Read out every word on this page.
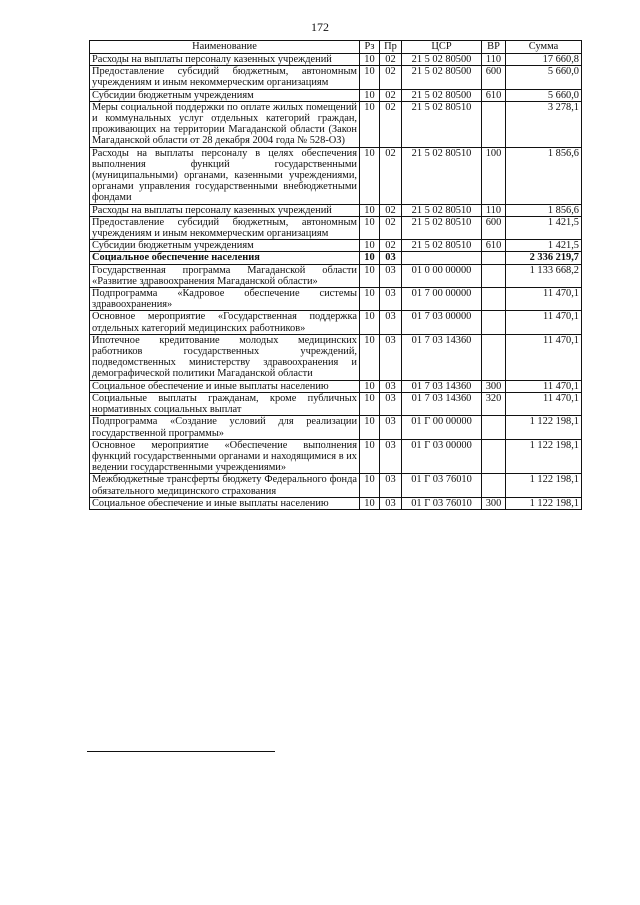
172
Наименование	Рз	Пр	ЦСР	ВР	Сумма
Расходы на выплаты персоналу казенных учреждений	10	02	21 5 02 80500	110	17 660,8
Предоставление субсидий бюджетным, автономным учреждениям и иным некоммерческим организациям	10	02	21 5 02 80500	600	5 660,0
Субсидии бюджетным учреждениям	10	02	21 5 02 80500	610	5 660,0
Меры социальной поддержки по оплате жилых помещений и коммунальных услуг отдельных категорий граждан, проживающих на территории Магаданской области (Закон Магаданской области от 28 декабря 2004 года № 528-ОЗ)	10	02	21 5 02 80510		3 278,1
Расходы на выплаты персоналу в целях обеспечения выполнения функций государственными (муниципальными) органами, казенными учреждениями, органами управления государственными внебюджетными фондами	10	02	21 5 02 80510	100	1 856,6
Расходы на выплаты персоналу казенных учреждений	10	02	21 5 02 80510	110	1 856,6
Предоставление субсидий бюджетным, автономным учреждениям и иным некоммерческим организациям	10	02	21 5 02 80510	600	1 421,5
Субсидии бюджетным учреждениям	10	02	21 5 02 80510	610	1 421,5
Социальное обеспечение населения	10	03			2 336 219,7
Государственная программа Магаданской области «Развитие здравоохранения Магаданской области»	10	03	01 0 00 00000		1 133 668,2
Подпрограмма «Кадровое обеспечение системы здравоохранения»	10	03	01 7 00 00000		11 470,1
Основное мероприятие «Государственная поддержка отдельных категорий медицинских работников»	10	03	01 7 03 00000		11 470,1
Ипотечное кредитование молодых медицинских работников государственных учреждений, подведомственных министерству здравоохранения и демографической политики Магаданской области	10	03	01 7 03 14360		11 470,1
Социальное обеспечение и иные выплаты населению	10	03	01 7 03 14360	300	11 470,1
Социальные выплаты гражданам, кроме публичных нормативных социальных выплат	10	03	01 7 03 14360	320	11 470,1
Подпрограмма «Создание условий для реализации государственной программы»	10	03	01 Г 00 00000		1 122 198,1
Основное мероприятие «Обеспечение выполнения функций государственными органами и находящимися в их ведении государственными учреждениями»	10	03	01 Г 03 00000		1 122 198,1
Межбюджетные трансферты бюджету Федерального фонда обязательного медицинского страхования	10	03	01 Г 03 76010		1 122 198,1
Социальное обеспечение и иные выплаты населению	10	03	01 Г 03 76010	300	1 122 198,1
